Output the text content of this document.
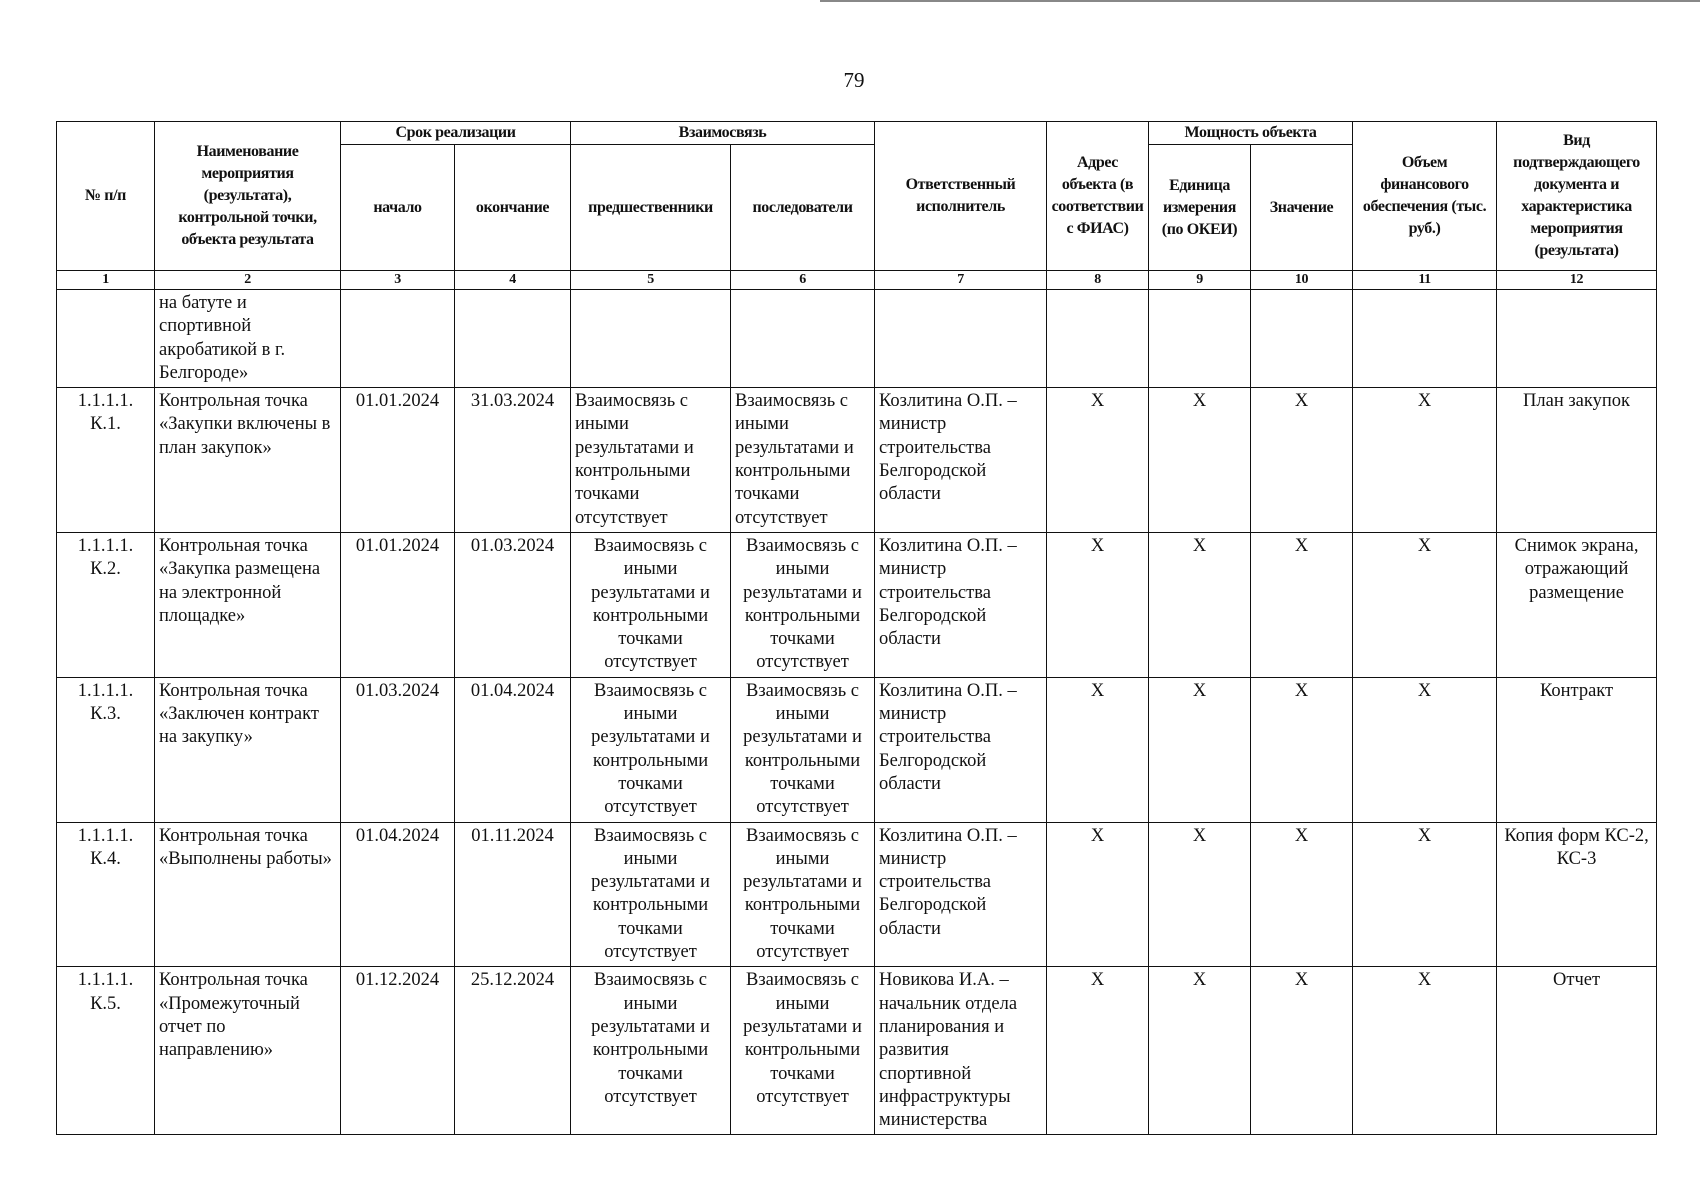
79
№ п/п	Наименование мероприятия (результата), контрольной точки, объекта результата	Срок реализации		Взаимосвязь		Ответственный исполнитель	Адрес объекта (в соответствии с ФИАС)	Мощность объекта		Объем финансового обеспечения (тыс. руб.)	Вид подтверждающего документа и характеристика мероприятия (результата)
		начало	окончание	предшественники	последователи			Единица измерения (по ОКЕИ)	Значение		
1	2	3	4	5	6	7	8	9	10	11	12
	на батуте и спортивной акробатикой в г. Белгороде»										
1.1.1.1. К.1.	Контрольная точка «Закупки включены в план закупок»	01.01.2024	31.03.2024	Взаимосвязь с иными результатами и контрольными точками отсутствует	Взаимосвязь с иными результатами и контрольными точками отсутствует	Козлитина О.П. – министр строительства Белгородской области	X	X	X	X	План закупок
1.1.1.1. К.2.	Контрольная точка «Закупка размещена на электронной площадке»	01.01.2024	01.03.2024	Взаимосвязь с иными результатами и контрольными точками отсутствует	Взаимосвязь с иными результатами и контрольными точками отсутствует	Козлитина О.П. – министр строительства Белгородской области	X	X	X	X	Снимок экрана, отражающий размещение
1.1.1.1. К.3.	Контрольная точка «Заключен контракт на закупку»	01.03.2024	01.04.2024	Взаимосвязь с иными результатами и контрольными точками отсутствует	Взаимосвязь с иными результатами и контрольными точками отсутствует	Козлитина О.П. – министр строительства Белгородской области	X	X	X	X	Контракт
1.1.1.1. К.4.	Контрольная точка «Выполнены работы»	01.04.2024	01.11.2024	Взаимосвязь с иными результатами и контрольными точками отсутствует	Взаимосвязь с иными результатами и контрольными точками отсутствует	Козлитина О.П. – министр строительства Белгородской области	X	X	X	X	Копия форм КС-2, КС-3
1.1.1.1. К.5.	Контрольная точка «Промежуточный отчет по направлению»	01.12.2024	25.12.2024	Взаимосвязь с иными результатами и контрольными точками отсутствует	Взаимосвязь с иными результатами и контрольными точками отсутствует	Новикова И.А. – начальник отдела планирования и развития спортивной инфраструктуры министерства	X	X	X	X	Отчет
